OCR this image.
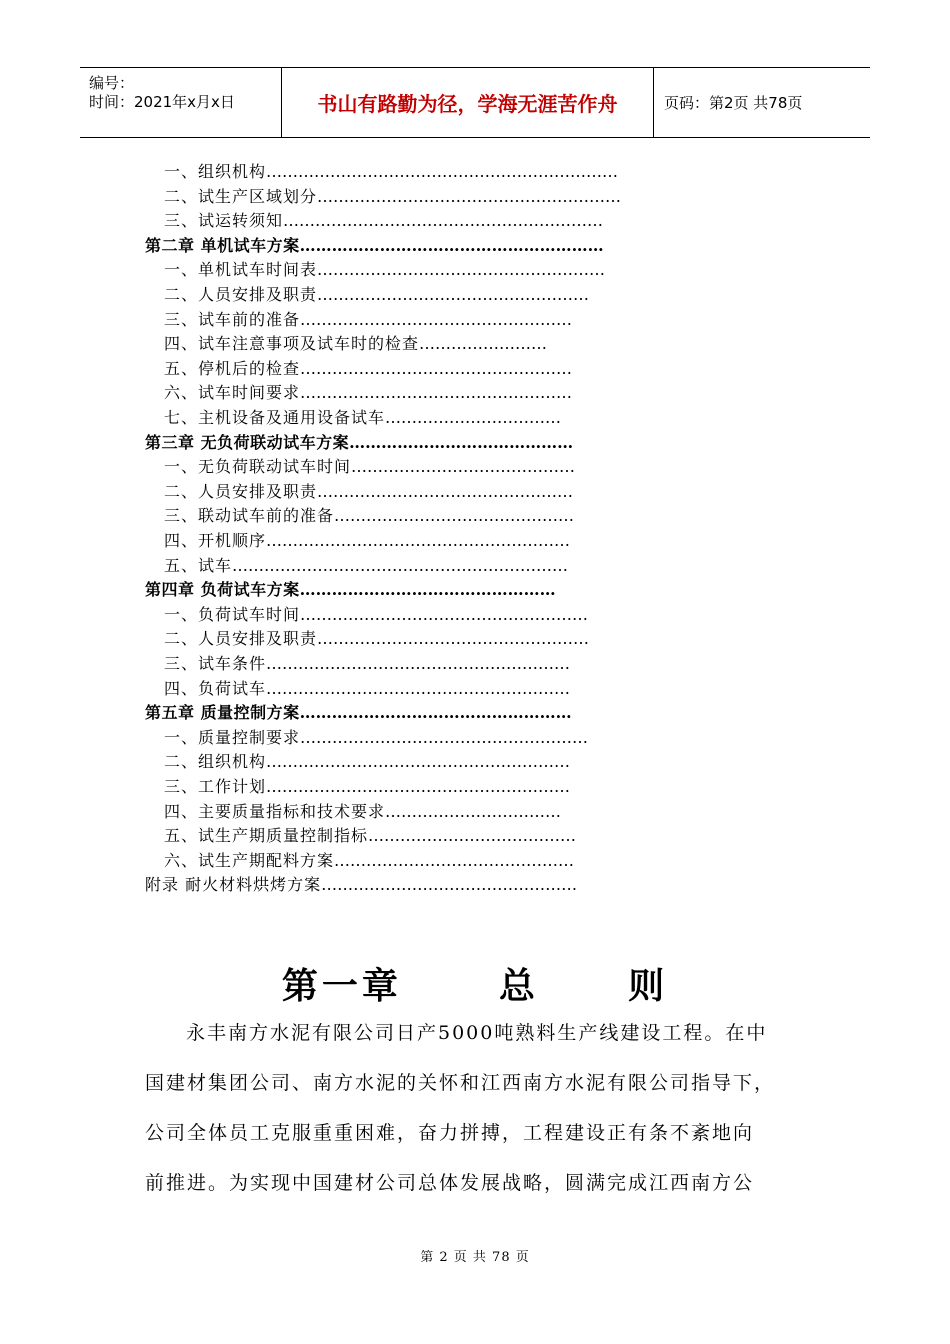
编号：
时间：2021年x月x日	书山有路勤为径，学海无涯苦作舟	页码：第2页 共78页
一、组织机构…………………………………………………………
二、试生产区域划分…………………………………………………
三、试运转须知……………………………………………………
第二章 单机试车方案…………………………………………………
一、单机试车时间表………………………………………………
二、人员安排及职责……………………………………………
三、试车前的准备……………………………………………
四、试车注意事项及试车时的检查……………………
五、停机后的检查……………………………………………
六、试车时间要求……………………………………………
七、主机设备及通用设备试车……………………………
第三章 无负荷联动试车方案……………………………………
一、无负荷联动试车时间……………………………………
二、人员安排及职责…………………………………………
三、联动试车前的准备………………………………………
四、开机顺序…………………………………………………
五、试车………………………………………………………
第四章 负荷试车方案…………………………………………
一、负荷试车时间………………………………………………
二、人员安排及职责……………………………………………
三、试车条件…………………………………………………
四、负荷试车…………………………………………………
第五章 质量控制方案……………………………………………
一、质量控制要求………………………………………………
二、组织机构…………………………………………………
三、工作计划…………………………………………………
四、主要质量指标和技术要求……………………………
五、试生产期质量控制指标…………………………………
六、试生产期配料方案………………………………………
附录 耐火材料烘烤方案…………………………………………
第一章	总 则
永丰南方水泥有限公司日产5000吨熟料生产线建设工程。在中
国建材集团公司、南方水泥的关怀和江西南方水泥有限公司指导下，
公司全体员工克服重重困难，奋力拼搏，工程建设正有条不紊地向
前推进。为实现中国建材公司总体发展战略，圆满完成江西南方公
第 2 页 共 78 页
